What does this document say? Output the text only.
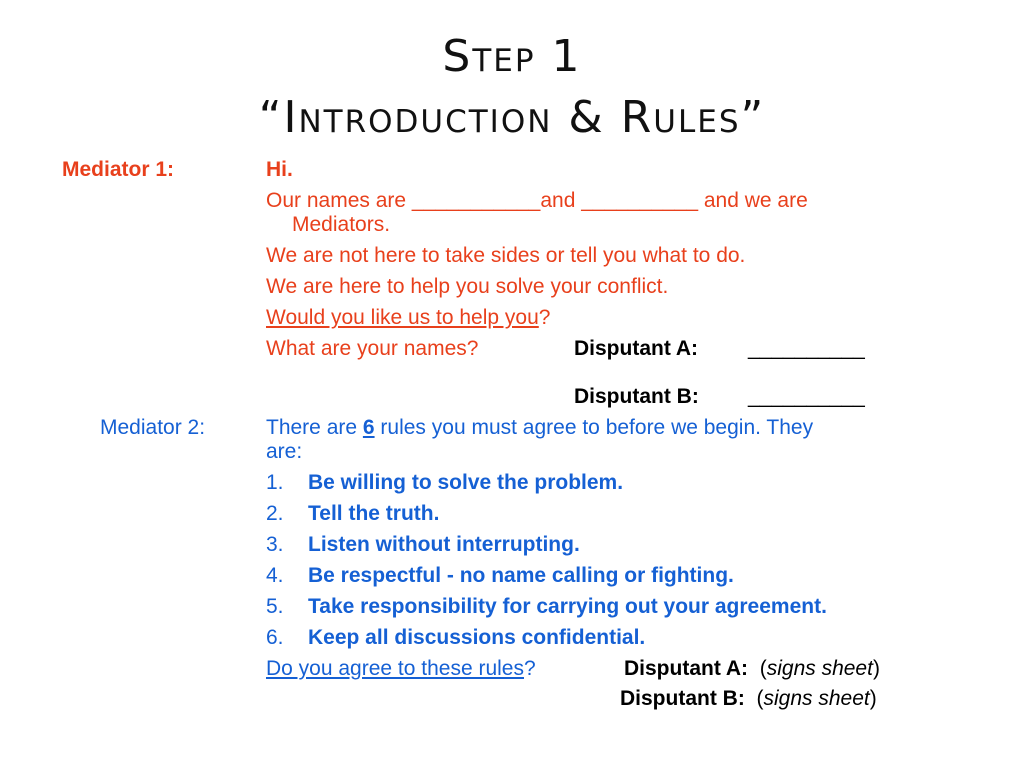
Step 1
“Introduction & Rules”
Mediator 1:	Hi.
Our names are ___________and __________ and we are
Mediators.
We are not here to take sides or tell you what to do.
We are here to help you solve your conflict.
Would you like us to help you?
What are your names?	Disputant A: __________
Disputant B: __________
Mediator 2:	There are 6 rules you must agree to before we begin. They
are:
1. Be willing to solve the problem.
2. Tell the truth.
3. Listen without interrupting.
4. Be respectful - no name calling or fighting.
5. Take responsibility for carrying out your agreement.
6. Keep all discussions confidential.
Do you agree to these rules?	Disputant A: (signs sheet)
Disputant B: (signs sheet)
